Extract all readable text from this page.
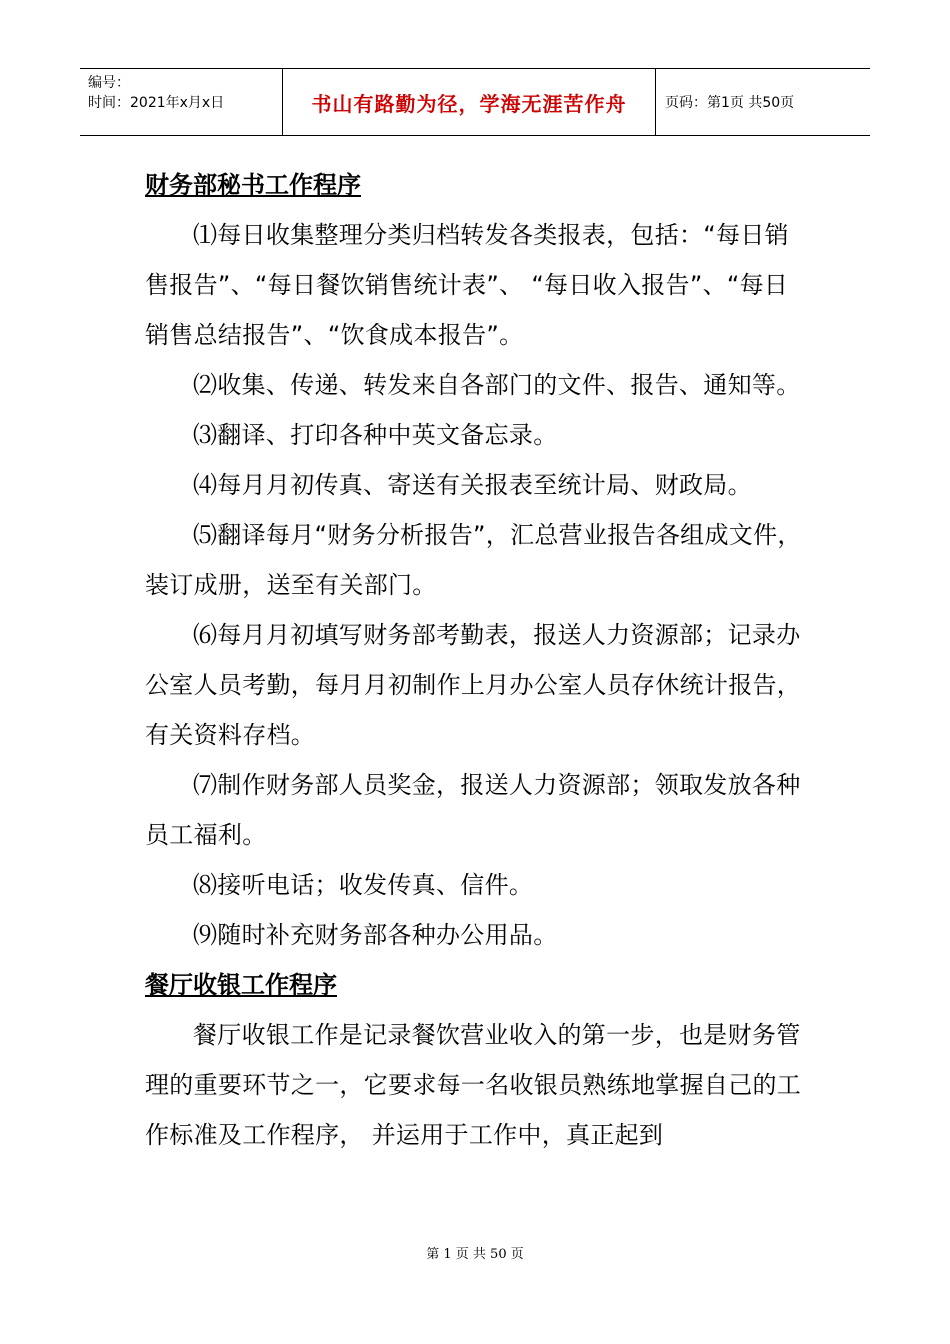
编号：
时间：2021年x月x日	书山有路勤为径，学海无涯苦作舟	页码：第1页 共50页
财务部秘书工作程序

⑴每日收集整理分类归档转发各类报表，包括：“每日销售报告”、“每日餐饮销售统计表”、 “每日收入报告”、“每日销售总结报告”、“饮食成本报告”。

⑵收集、传递、转发来自各部门的文件、报告、通知等。

⑶翻译、打印各种中英文备忘录。

⑷每月月初传真、寄送有关报表至统计局、财政局。

⑸翻译每月“财务分析报告”，汇总营业报告各组成文件，装订成册，送至有关部门。

⑹每月月初填写财务部考勤表，报送人力资源部；记录办公室人员考勤，每月月初制作上月办公室人员存休统计报告，有关资料存档。

⑺制作财务部人员奖金，报送人力资源部；领取发放各种员工福利。

⑻接听电话；收发传真、信件。

⑼随时补充财务部各种办公用品。

餐厅收银工作程序

餐厅收银工作是记录餐饮营业收入的第一步，也是财务管理的重要环节之一，它要求每一名收银员熟练地掌握自己的工作标准及工作程序， 并运用于工作中，真正起到

第 1 页 共 50 页
